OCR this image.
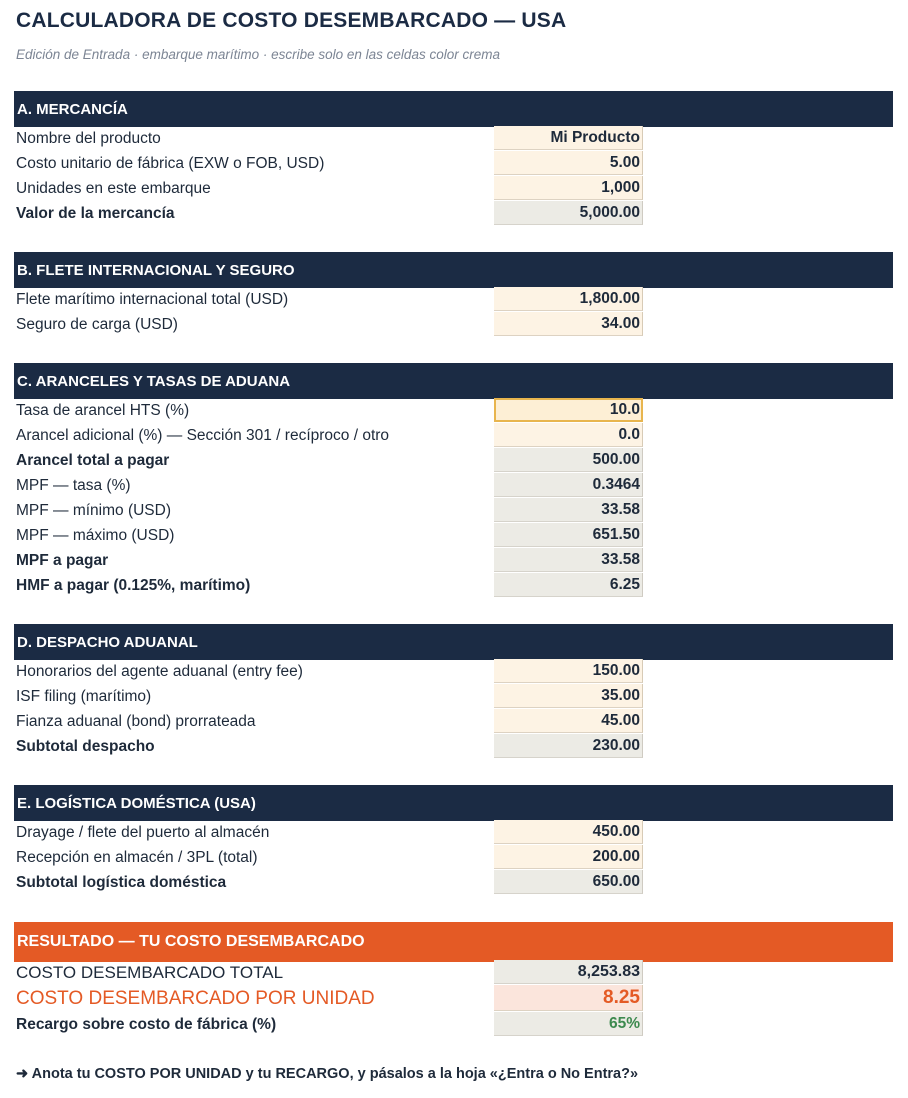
CALCULADORA DE COSTO DESEMBARCADO — USA
Edición de Entrada · embarque marítimo · escribe solo en las celdas color crema
A. MERCANCÍA
Nombre del producto	Mi Producto
Costo unitario de fábrica (EXW o FOB, USD)	5.00
Unidades en este embarque	1,000
Valor de la mercancía	5,000.00
B. FLETE INTERNACIONAL Y SEGURO
Flete marítimo internacional total (USD)	1,800.00
Seguro de carga (USD)	34.00
C. ARANCELES Y TASAS DE ADUANA
Tasa de arancel HTS (%)	10.0
Arancel adicional (%) — Sección 301 / recíproco / otro	0.0
Arancel total a pagar	500.00
MPF — tasa (%)	0.3464
MPF — mínimo (USD)	33.58
MPF — máximo (USD)	651.50
MPF a pagar	33.58
HMF a pagar (0.125%, marítimo)	6.25
D. DESPACHO ADUANAL
Honorarios del agente aduanal (entry fee)	150.00
ISF filing (marítimo)	35.00
Fianza aduanal (bond) prorrateada	45.00
Subtotal despacho	230.00
E. LOGÍSTICA DOMÉSTICA (USA)
Drayage / flete del puerto al almacén	450.00
Recepción en almacén / 3PL (total)	200.00
Subtotal logística doméstica	650.00
RESULTADO — TU COSTO DESEMBARCADO
COSTO DESEMBARCADO TOTAL	8,253.83
COSTO DESEMBARCADO POR UNIDAD	8.25
Recargo sobre costo de fábrica (%)	65%
➜ Anota tu COSTO POR UNIDAD y tu RECARGO, y pásalos a la hoja «¿Entra o No Entra?»
